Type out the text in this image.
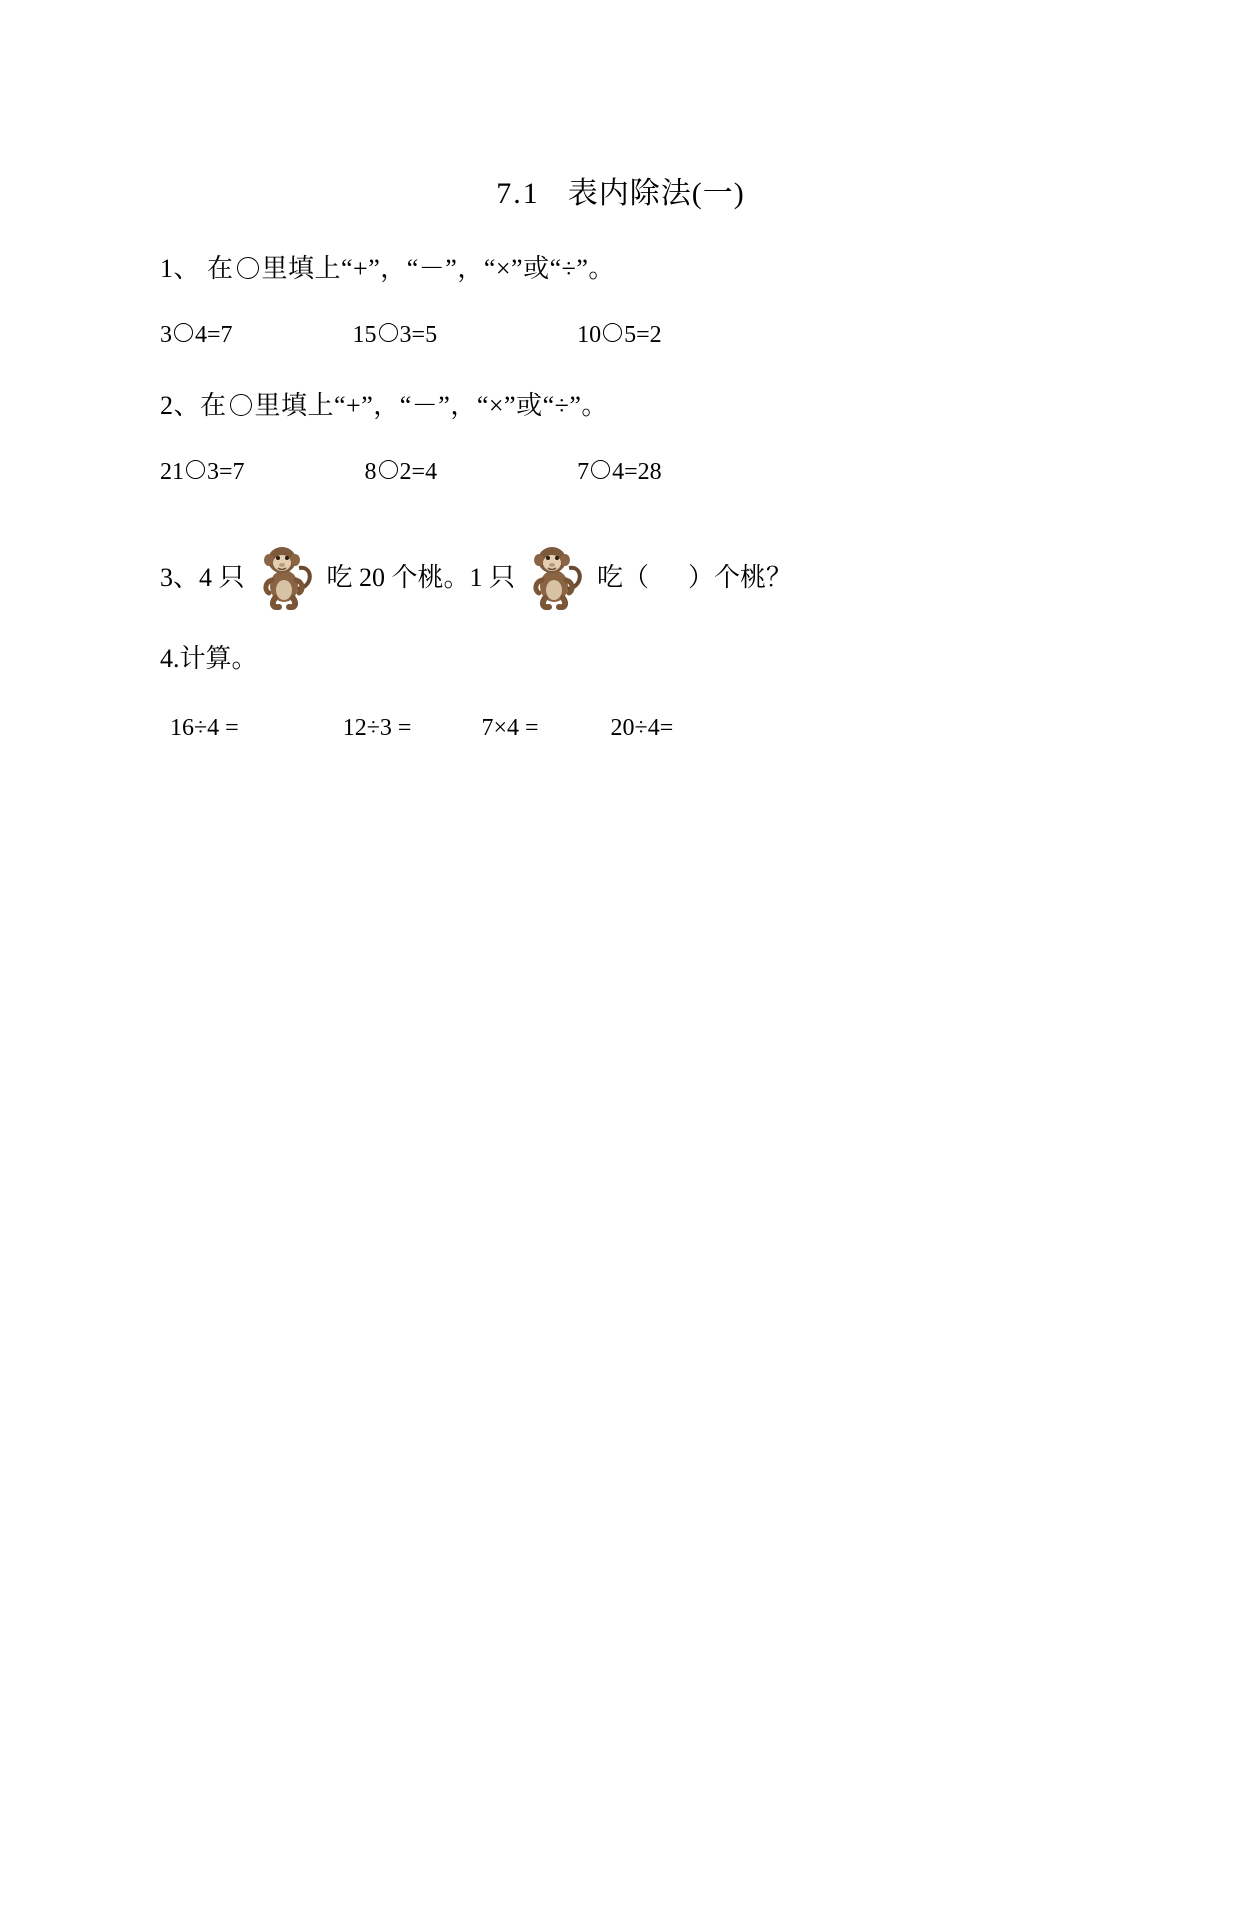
7.1 表内除法(一)
1、 在 里填上“+”，“－”，“×”或“÷”。
3 4=7	15 3=5	10 5=2
2、在 里填上“+”，“－”，“×”或“÷”。
21 3=7	8 2=4	7 4=28
3、4 只	吃 20 个桃。1 只	吃（      ）个桃？
4.计算。
16÷4 =	12÷3 =	7×4 =	20÷4=
